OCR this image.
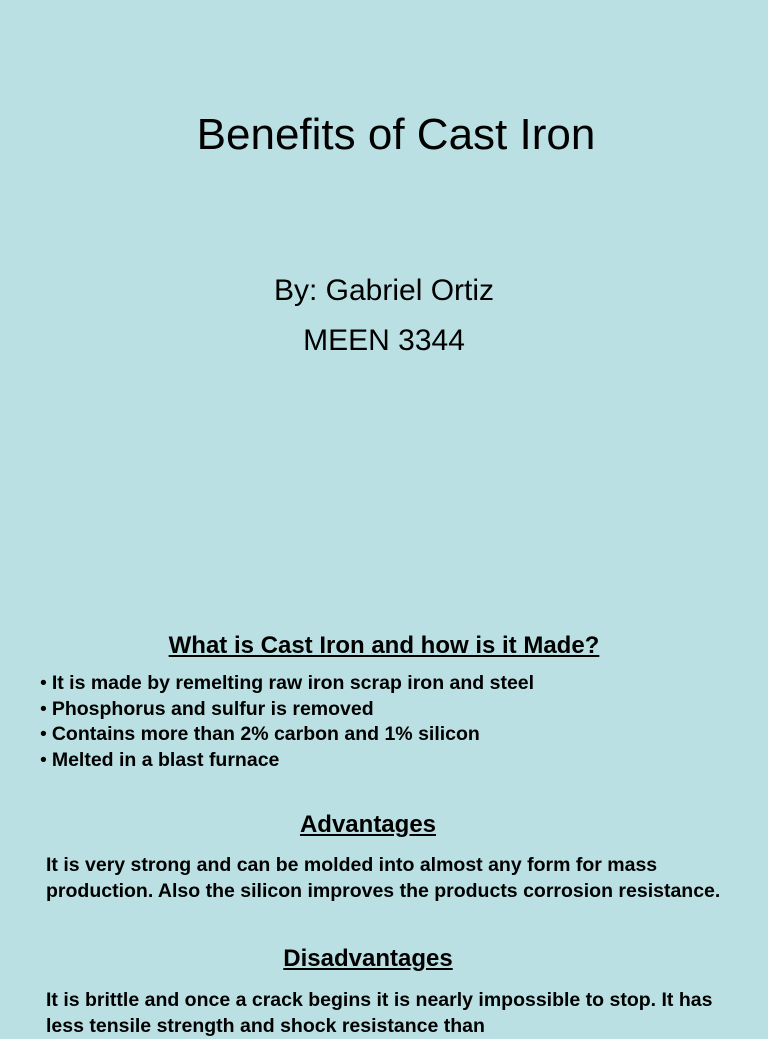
Benefits of Cast Iron
By: Gabriel Ortiz
MEEN 3344
What is Cast Iron and how is it Made?
• It is made by remelting raw iron scrap iron and steel
• Phosphorus and sulfur is removed
• Contains more than 2% carbon and 1% silicon
• Melted in a blast furnace
Advantages

It is very strong and can be molded into almost any form for mass production. Also the silicon improves the products corrosion resistance.

Disadvantages

It is brittle and once a crack begins it is nearly impossible to stop. It has less tensile strength and shock resistance than
